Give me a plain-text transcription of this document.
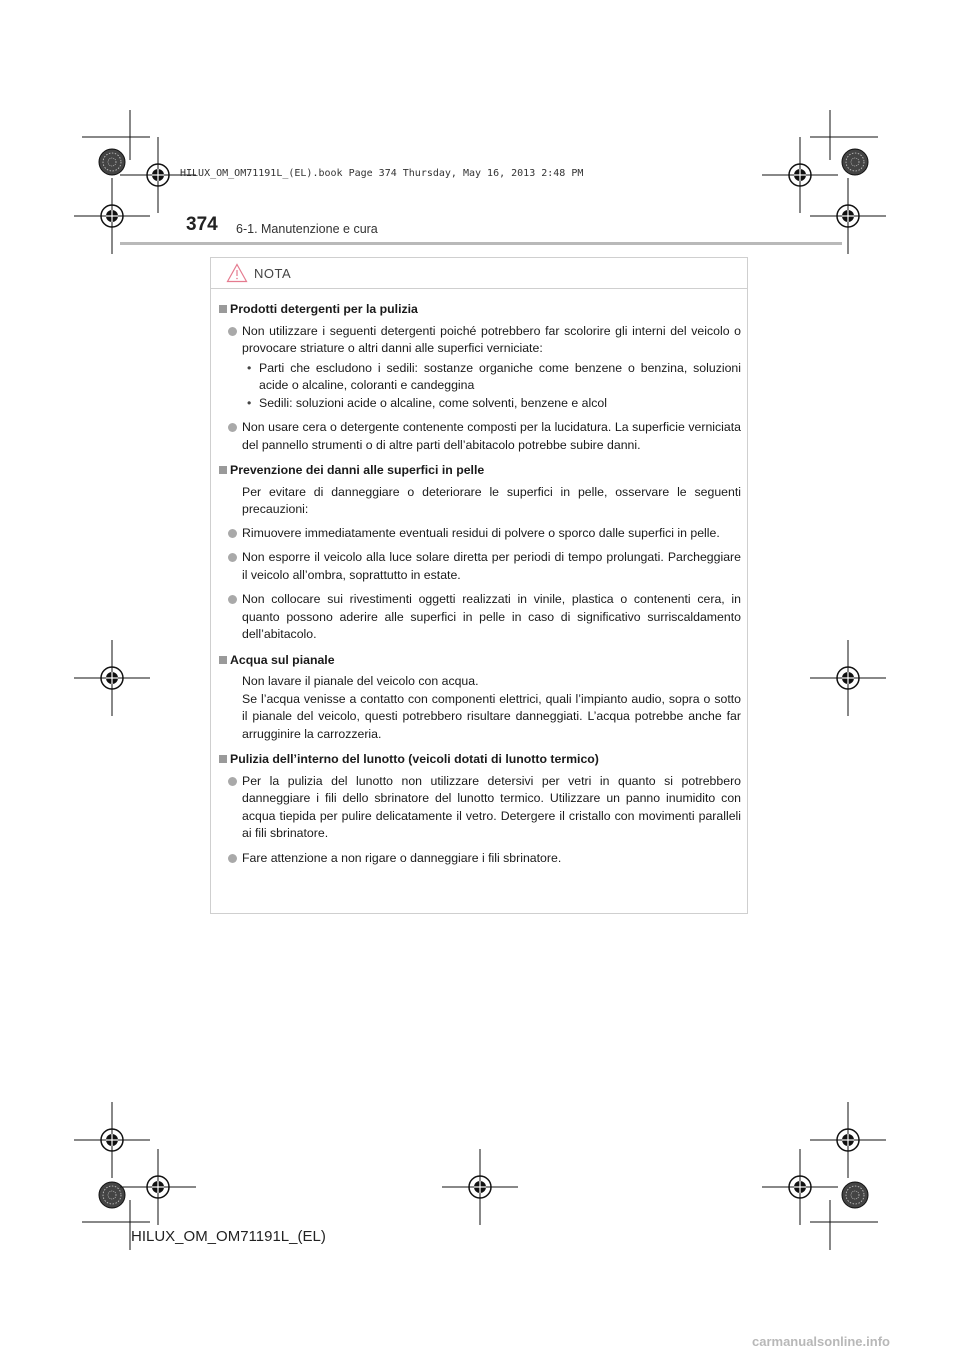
HILUX_OM_OM71191L_(EL).book Page 374 Thursday, May 16, 2013 2:48 PM
374 6-1. Manutenzione e cura
NOTA
Prodotti detergenti per la pulizia
Non utilizzare i seguenti detergenti poiché potrebbero far scolorire gli interni del veicolo o provocare striature o altri danni alle superfici verniciate:
• Parti che escludono i sedili: sostanze organiche come benzene o benzina, soluzioni acide o alcaline, coloranti e candeggina
• Sedili: soluzioni acide o alcaline, come solventi, benzene e alcol
Non usare cera o detergente contenente composti per la lucidatura. La superficie verniciata del pannello strumenti o di altre parti dell’abitacolo potrebbe subire danni.
Prevenzione dei danni alle superfici in pelle
Per evitare di danneggiare o deteriorare le superfici in pelle, osservare le seguenti precauzioni:
Rimuovere immediatamente eventuali residui di polvere o sporco dalle superfici in pelle.
Non esporre il veicolo alla luce solare diretta per periodi di tempo prolungati. Parcheggiare il veicolo all’ombra, soprattutto in estate.
Non collocare sui rivestimenti oggetti realizzati in vinile, plastica o contenenti cera, in quanto possono aderire alle superfici in pelle in caso di significativo surriscaldamento dell’abitacolo.
Acqua sul pianale
Non lavare il pianale del veicolo con acqua.
Se l’acqua venisse a contatto con componenti elettrici, quali l’impianto audio, sopra o sotto il pianale del veicolo, questi potrebbero risultare danneggiati. L’acqua potrebbe anche far arrugginire la carrozzeria.
Pulizia dell’interno del lunotto (veicoli dotati di lunotto termico)
Per la pulizia del lunotto non utilizzare detersivi per vetri in quanto si potrebbero danneggiare i fili dello sbrinatore del lunotto termico. Utilizzare un panno inumidito con acqua tiepida per pulire delicatamente il vetro. Detergere il cristallo con movimenti paralleli ai fili sbrinatore.
Fare attenzione a non rigare o danneggiare i fili sbrinatore.
HILUX_OM_OM71191L_(EL)
carmanualsonline.info
